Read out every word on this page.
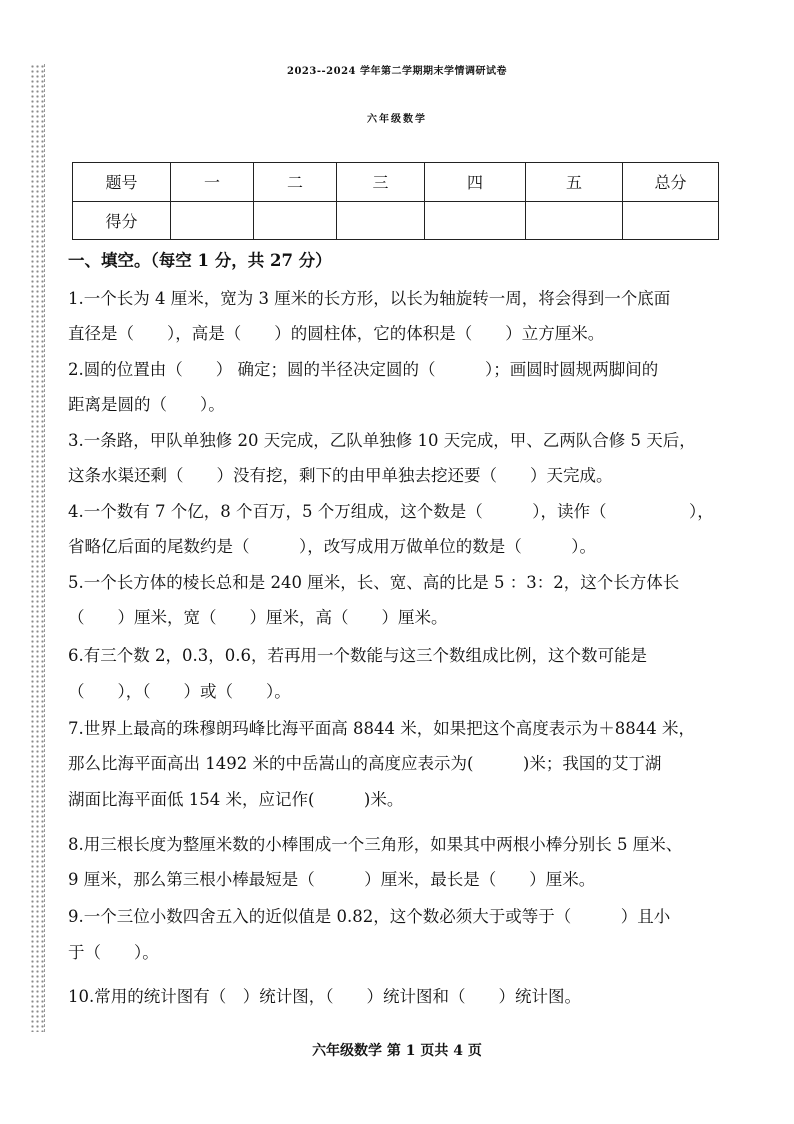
2023--2024 学年第二学期期末学情调研试卷
六年级数学
题号	一	二	三	四	五	总分
得分						
一、填空。（每空 1 分，共 27 分）
1.一个长为 4 厘米，宽为 3 厘米的长方形，以长为轴旋转一周，将会得到一个底面
直径是（　　），高是（　　）的圆柱体，它的体积是（　　）立方厘米。
2.圆的位置由（　　） 确定；圆的半径决定圆的（　　　）；画圆时圆规两脚间的
距离是圆的（　　）。
3.一条路，甲队单独修 20 天完成，乙队单独修 10 天完成，甲、乙两队合修 5 天后，
这条水渠还剩（　　）没有挖，剩下的由甲单独去挖还要（　　）天完成。
4.一个数有 7 个亿，8 个百万，5 个万组成，这个数是（　　　），读作（　　　　　），
省略亿后面的尾数约是（　　　），改写成用万做单位的数是（　　　）。
5.一个长方体的棱长总和是 240 厘米，长、宽、高的比是 5 ：3：2，这个长方体长
（　　）厘米，宽（　　）厘米，高（　　）厘米。
6.有三个数 2，0.3，0.6，若再用一个数能与这三个数组成比例，这个数可能是
（　　），（　　）或（　　）。
7.世界上最高的珠穆朗玛峰比海平面高 8844 米，如果把这个高度表示为＋8844 米，
那么比海平面高出 1492 米的中岳嵩山的高度应表示为(　　　)米；我国的艾丁湖
湖面比海平面低 154 米，应记作(　　　)米。
8.用三根长度为整厘米数的小棒围成一个三角形，如果其中两根小棒分别长 5 厘米、
9 厘米，那么第三根小棒最短是（　　　）厘米，最长是（　　）厘米。
9.一个三位小数四舍五入的近似值是 0.82，这个数必须大于或等于（　　　）且小
于（　　）。
10.常用的统计图有（　）统计图，（　　）统计图和（　　）统计图。
六年级数学 第 1 页共 4 页
